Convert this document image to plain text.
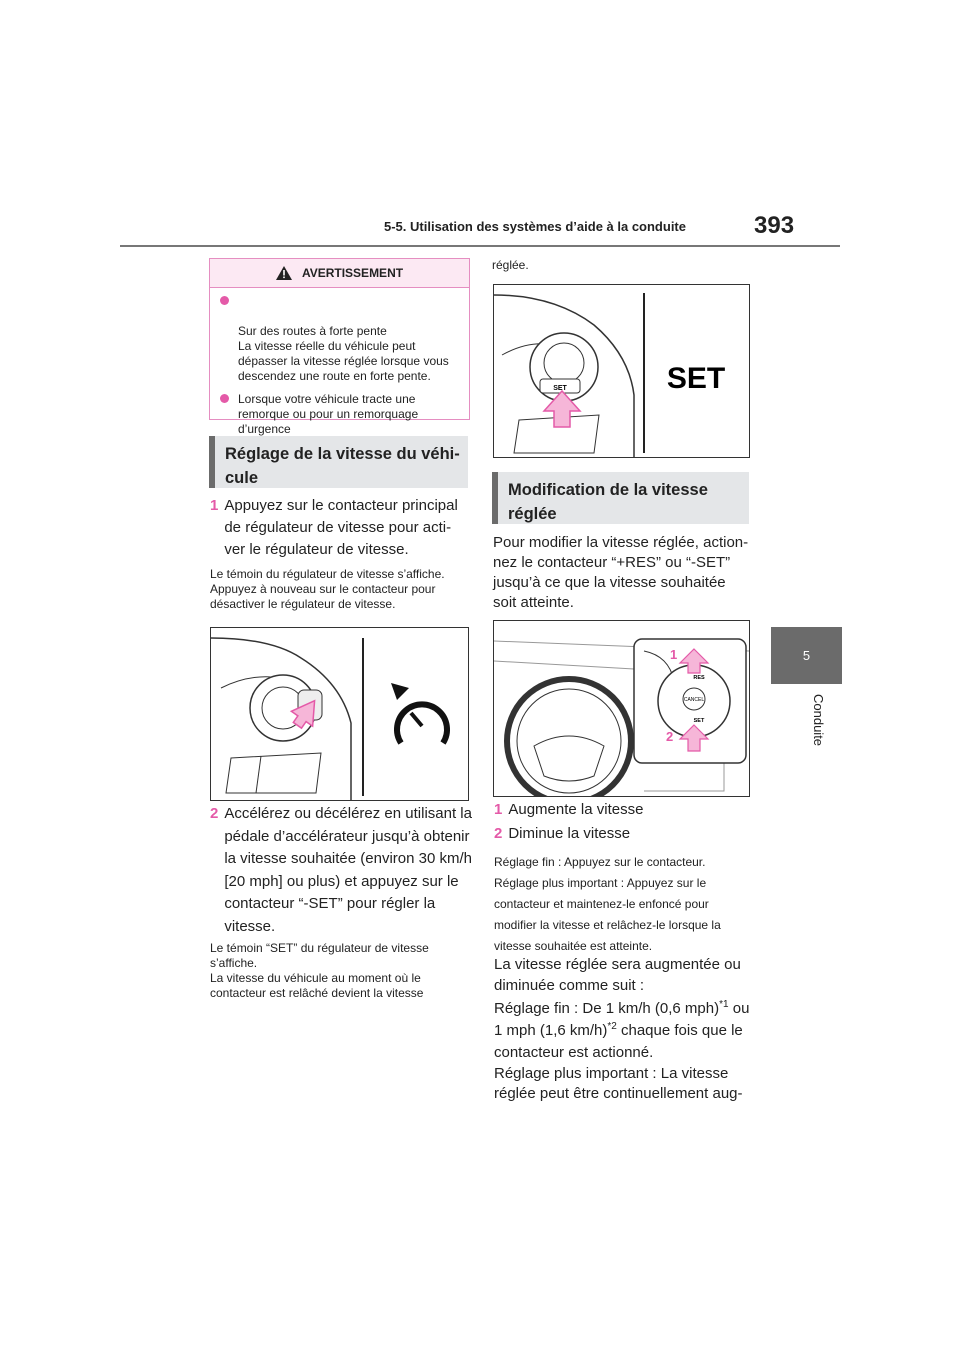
5-5. Utilisation des systèmes d’aide à la conduite	393
5
Conduite
AVERTISSEMENT

Sur des routes à forte pente
La vitesse réelle du véhicule peut dépasser la vitesse réglée lorsque vous descendez une route en forte pente.

Lorsque votre véhicule tracte une remorque ou pour un remorquage d’urgence
Réglage de la vitesse du véhi-cule
1 Appuyez sur le contacteur principal de régulateur de vitesse pour acti-ver le régulateur de vitesse.
Le témoin du régulateur de vitesse s’affiche. Appuyez à nouveau sur le contacteur pour désactiver le régulateur de vitesse.
2 Accélérez ou décélérez en utilisant la pédale d’accélérateur jusqu’à obtenir la vitesse souhaitée (environ 30 km/h [20 mph] ou plus) et appuyez sur le contacteur “-SET” pour régler la vitesse.
Le témoin “SET” du régulateur de vitesse s’affiche.
La vitesse du véhicule au moment où le contacteur est relâché devient la vitesse
réglée.
SET	SET
Modification de la vitesse réglée
Pour modifier la vitesse réglée, action-nez le contacteur “+RES” ou “-SET” jusqu’à ce que la vitesse souhaitée soit atteinte.
CANCEL
RES
SET
1
2
1 Augmente la vitesse
2 Diminue la vitesse
Réglage fin : Appuyez sur le contacteur.
Réglage plus important : Appuyez sur le contacteur et maintenez-le enfoncé pour modifier la vitesse et relâchez-le lorsque la vitesse souhaitée est atteinte.
La vitesse réglée sera augmentée ou diminuée comme suit :
Réglage fin : De 1 km/h (0,6 mph)$^{*1}$ ou 1 mph (1,6 km/h)$^{*2}$ chaque fois que le contacteur est actionné.
Réglage plus important : La vitesse réglée peut être continuellement aug-
